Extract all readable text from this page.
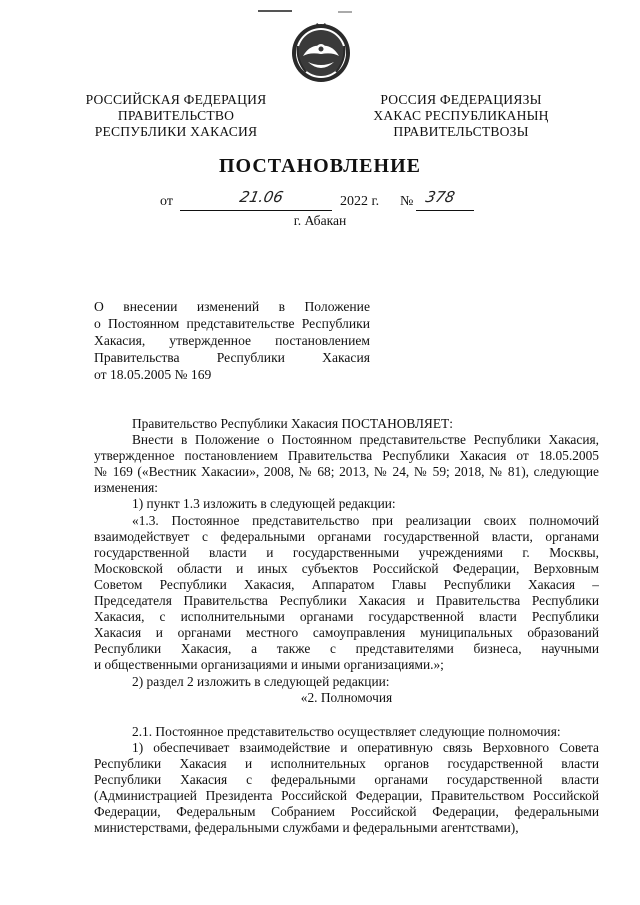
РОССИЙСКАЯ ФЕДЕРАЦИЯ
ПРАВИТЕЛЬСТВО
РЕСПУБЛИКИ ХАКАСИЯ
РОССИЯ ФЕДЕРАЦИЯЗЫ
ХАКАС РЕСПУБЛИКАНЫҢ
ПРАВИТЕЛЬСТВОЗЫ
ПОСТАНОВЛЕНИЕ
от	21.06	2022 г. № 378
г. Абакан
О внесении изменений в Положение
о Постоянном представительстве Республики
Хакасия, утвержденное постановлением
Правительства Республики Хакасия
от 18.05.2005 № 169
Правительство Республики Хакасия ПОСТАНОВЛЯЕТ:
Внести в Положение о Постоянном представительстве Республики Хакасия,
утвержденное постановлением Правительства Республики Хакасия от 18.05.2005
№ 169 («Вестник Хакасии», 2008, № 68; 2013, № 24, № 59; 2018, № 81), следующие
изменения:
1) пункт 1.3 изложить в следующей редакции:
«1.3. Постоянное представительство при реализации своих полномочий
взаимодействует с федеральными органами государственной власти, органами
государственной власти и государственными учреждениями г. Москвы,
Московской области и иных субъектов Российской Федерации, Верховным
Советом Республики Хакасия, Аппаратом Главы Республики Хакасия –
Председателя Правительства Республики Хакасия и Правительства Республики
Хакасия, с исполнительными органами государственной власти Республики
Хакасия и органами местного самоуправления муниципальных образований
Республики Хакасия, а также с представителями бизнеса, научными
и общественными организациями и иными организациями.»;
2) раздел 2 изложить в следующей редакции:
«2. Полномочия
2.1. Постоянное представительство осуществляет следующие полномочия:
1) обеспечивает взаимодействие и оперативную связь Верховного Совета
Республики Хакасия и исполнительных органов государственной власти
Республики Хакасия с федеральными органами государственной власти
(Администрацией Президента Российской Федерации, Правительством Российской
Федерации, Федеральным Собранием Российской Федерации, федеральными
министерствами, федеральными службами и федеральными агентствами),
